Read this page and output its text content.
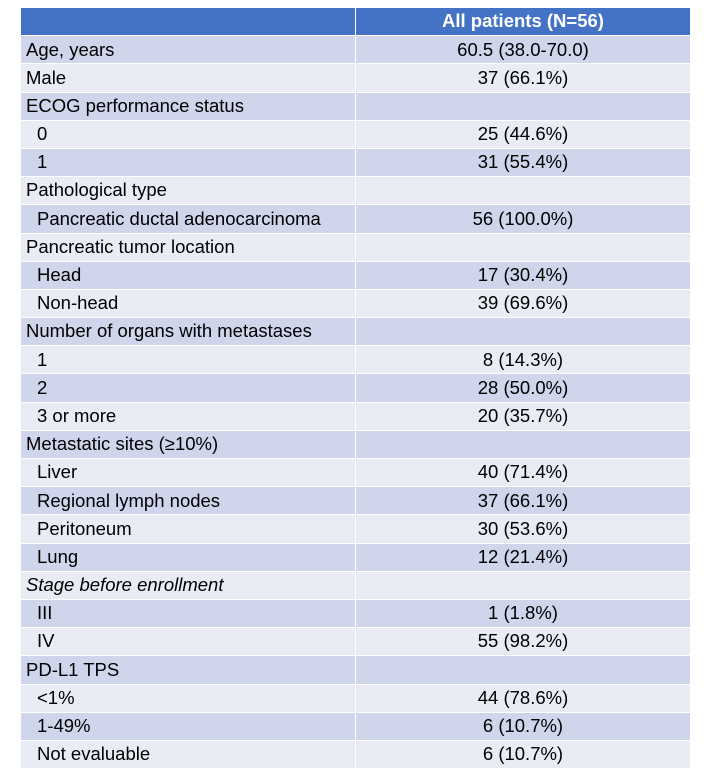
	All patients (N=56)
Age, years	60.5 (38.0-70.0)
Male	37 (66.1%)
ECOG performance status	
0	25 (44.6%)
1	31 (55.4%)
Pathological type	
Pancreatic ductal adenocarcinoma	56 (100.0%)
Pancreatic tumor location	
Head	17 (30.4%)
Non-head	39 (69.6%)
Number of organs with metastases	
1	8 (14.3%)
2	28 (50.0%)
3 or more	20 (35.7%)
Metastatic sites (≥10%)	
Liver	40 (71.4%)
Regional lymph nodes	37 (66.1%)
Peritoneum	30 (53.6%)
Lung	12 (21.4%)
Stage before enrollment	
III	1 (1.8%)
IV	55 (98.2%)
PD-L1 TPS	
<1%	44 (78.6%)
1-49%	6 (10.7%)
Not evaluable	6 (10.7%)
